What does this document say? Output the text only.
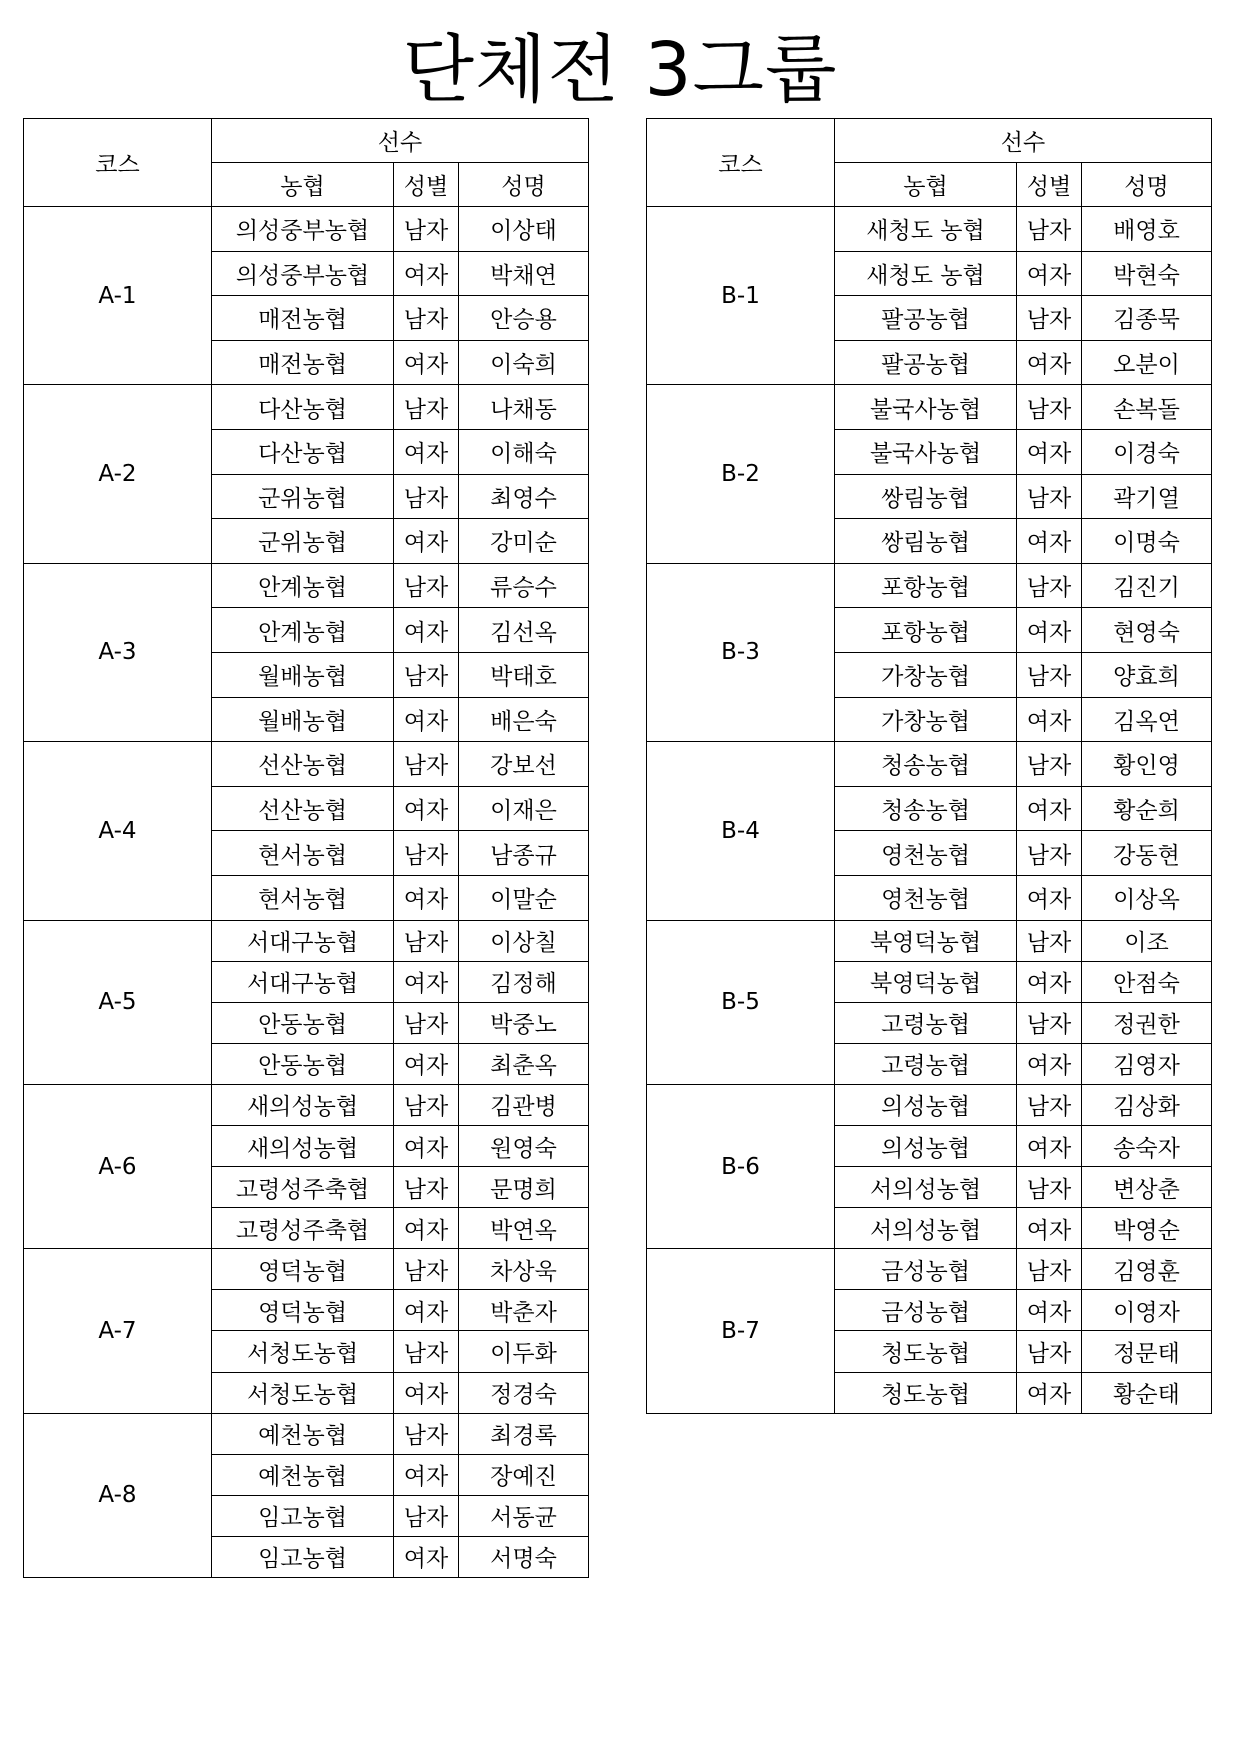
단체전 3그룹
코스	선수		
	농협	성별	성명
A-1	의성중부농협	남자	이상태
	의성중부농협	여자	박채연
	매전농협	남자	안승용
	매전농협	여자	이숙희
A-2	다산농협	남자	나채동
	다산농협	여자	이해숙
	군위농협	남자	최영수
	군위농협	여자	강미순
A-3	안계농협	남자	류승수
	안계농협	여자	김선옥
	월배농협	남자	박태호
	월배농협	여자	배은숙
A-4	선산농협	남자	강보선
	선산농협	여자	이재은
	현서농협	남자	남종규
	현서농협	여자	이말순
A-5	서대구농협	남자	이상칠
	서대구농협	여자	김정해
	안동농협	남자	박중노
	안동농협	여자	최춘옥
A-6	새의성농협	남자	김관병
	새의성농협	여자	원영숙
	고령성주축협	남자	문명희
	고령성주축협	여자	박연옥
A-7	영덕농협	남자	차상욱
	영덕농협	여자	박춘자
	서청도농협	남자	이두화
	서청도농협	여자	정경숙
A-8	예천농협	남자	최경록
	예천농협	여자	장예진
	임고농협	남자	서동균
	임고농협	여자	서명숙
코스	선수		
	농협	성별	성명
B-1	새청도 농협	남자	배영호
	새청도 농협	여자	박현숙
	팔공농협	남자	김종묵
	팔공농협	여자	오분이
B-2	불국사농협	남자	손복돌
	불국사농협	여자	이경숙
	쌍림농협	남자	곽기열
	쌍림농협	여자	이명숙
B-3	포항농협	남자	김진기
	포항농협	여자	현영숙
	가창농협	남자	양효희
	가창농협	여자	김옥연
B-4	청송농협	남자	황인영
	청송농협	여자	황순희
	영천농협	남자	강동현
	영천농협	여자	이상옥
B-5	북영덕농협	남자	이조
	북영덕농협	여자	안점숙
	고령농협	남자	정권한
	고령농협	여자	김영자
B-6	의성농협	남자	김상화
	의성농협	여자	송숙자
	서의성농협	남자	변상춘
	서의성농협	여자	박영순
B-7	금성농협	남자	김영훈
	금성농협	여자	이영자
	청도농협	남자	정문태
	청도농협	여자	황순태
